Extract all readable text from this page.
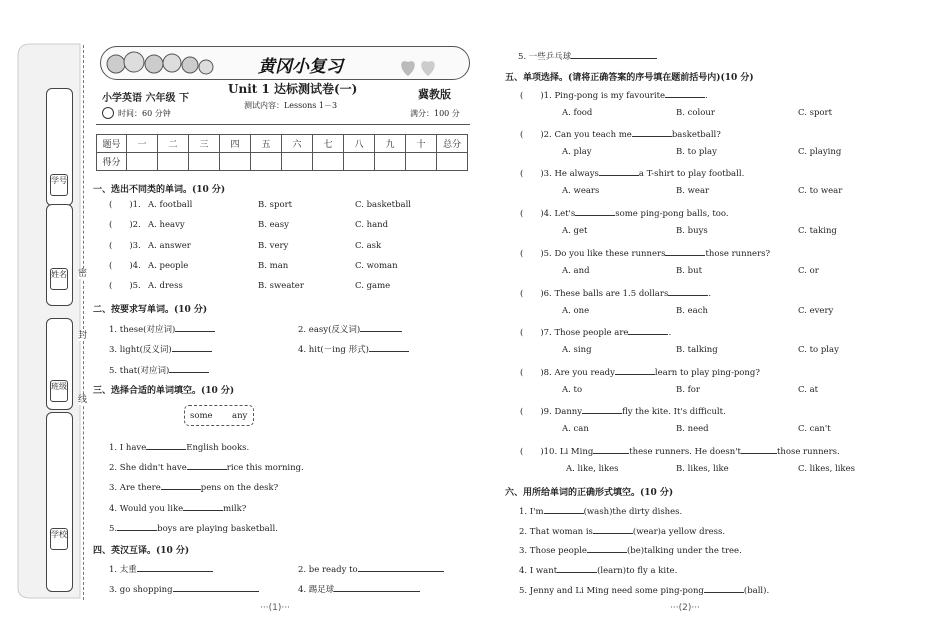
学号
姓名
班级
学校
密
封
线
黄冈小复习
小学英语 六年级 下
Unit 1 达标测试卷(一)	冀教版
测试内容：Lessons 1－3
时间：60 分钟	满分：100 分
题号	一	二	三	四	五	六	七	八	九	十	总分
得分											
一、选出不同类的单词。(10 分)
(　　)1. A. football	B. sport	C. basketball
(　　)2. A. heavy	B. easy	C. hand
(　　)3. A. answer	B. very	C. ask
(　　)4. A. people	B. man	C. woman
(　　)5. A. dress	B. sweater	C. game
二、按要求写单词。(10 分)
1. these(对应词)	2. easy(反义词)
3. light(反义词)	4. hit(－ing 形式)
5. that(对应词)
三、选择合适的单词填空。(10 分)
some any
1. I have	English books.
2. She didn't have	rice this morning.
3. Are there	pens on the desk?
4. Would you like	milk?
5.	boys are playing basketball.
四、英汉互译。(10 分)
1. 太重	2. be ready to
3. go shopping	4. 踢足球
5. 一些乒乓球
五、单项选择。(请将正确答案的序号填在题前括号内)(10 分)
(　　)1. Ping-pong is my favourite	.
A. food	B. colour	C. sport
(　　)2. Can you teach me	basketball?
A. play	B. to play	C. playing
(　　)3. He always	a T-shirt to play football.
A. wears	B. wear	C. to wear
(　　)4. Let's	some ping-pong balls, too.
A. get	B. buys	C. taking
(　　)5. Do you like these runners	those runners?
A. and	B. but	C. or
(　　)6. These balls are 1.5 dollars	.
A. one	B. each	C. every
(　　)7. Those people are	.
A. sing	B. talking	C. to play
(　　)8. Are you ready	learn to play ping-pong?
A. to	B. for	C. at
(　　)9. Danny	fly the kite. It's difficult.
A. can	B. need	C. can't
(　　)10. Li Ming	these runners. He doesn't	those runners.
A. like, likes	B. likes, like	C. likes, likes
六、用所给单词的正确形式填空。(10 分)
1. I'm	(wash)the dirty dishes.
2. That woman is	(wear)a yellow dress.
3. Those people	(be)talking under the tree.
4. I want	(learn)to fly a kite.
5. Jenny and Li Ming need some ping-pong	(ball).
···(1)···	···(2)···
